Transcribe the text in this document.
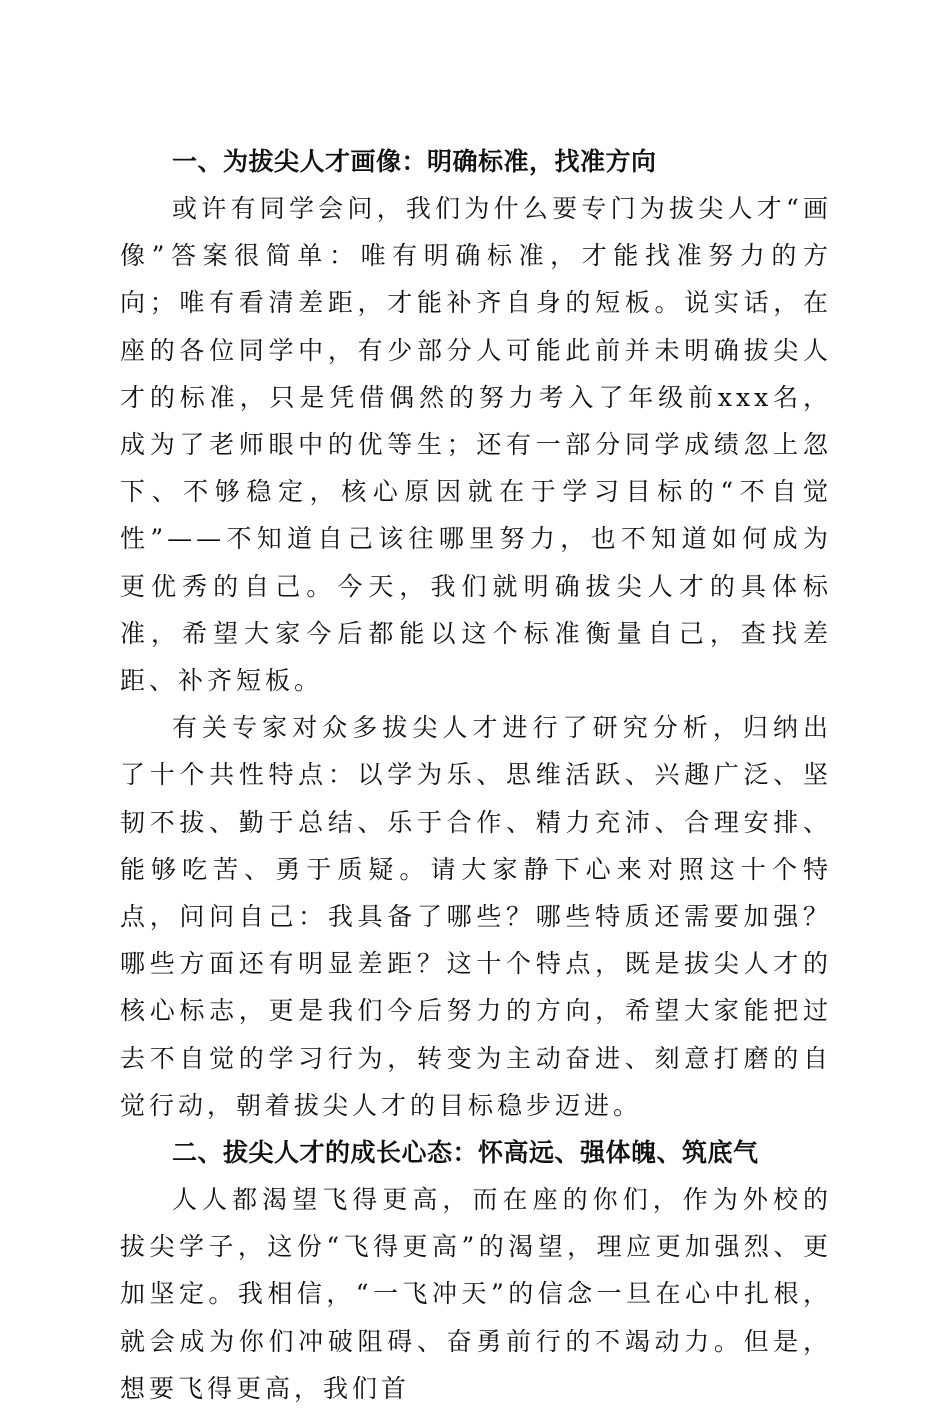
一、为拔尖人才画像：明确标准，找准方向

或许有同学会问，我们为什么要专门为拔尖人才“画像”答案很简单：唯有明确标准，才能找准努力的方向；唯有看清差距，才能补齐自身的短板。说实话，在座的各位同学中，有少部分人可能此前并未明确拔尖人才的标准，只是凭借偶然的努力考入了年级前xxx名，成为了老师眼中的优等生；还有一部分同学成绩忽上忽下、不够稳定，核心原因就在于学习目标的“不自觉性”——不知道自己该往哪里努力，也不知道如何成为更优秀的自己。今天，我们就明确拔尖人才的具体标准，希望大家今后都能以这个标准衡量自己，查找差距、补齐短板。

有关专家对众多拔尖人才进行了研究分析，归纳出了十个共性特点：以学为乐、思维活跃、兴趣广泛、坚韧不拔、勤于总结、乐于合作、精力充沛、合理安排、能够吃苦、勇于质疑。请大家静下心来对照这十个特点，问问自己：我具备了哪些？哪些特质还需要加强？哪些方面还有明显差距？这十个特点，既是拔尖人才的核心标志，更是我们今后努力的方向，希望大家能把过去不自觉的学习行为，转变为主动奋进、刻意打磨的自觉行动，朝着拔尖人才的目标稳步迈进。

二、拔尖人才的成长心态：怀高远、强体魄、筑底气

人人都渴望飞得更高，而在座的你们，作为外校的拔尖学子，这份“飞得更高”的渴望，理应更加强烈、更加坚定。我相信，“一飞冲天”的信念一旦在心中扎根，就会成为你们冲破阻碍、奋勇前行的不竭动力。但是，想要飞得更高，我们首
